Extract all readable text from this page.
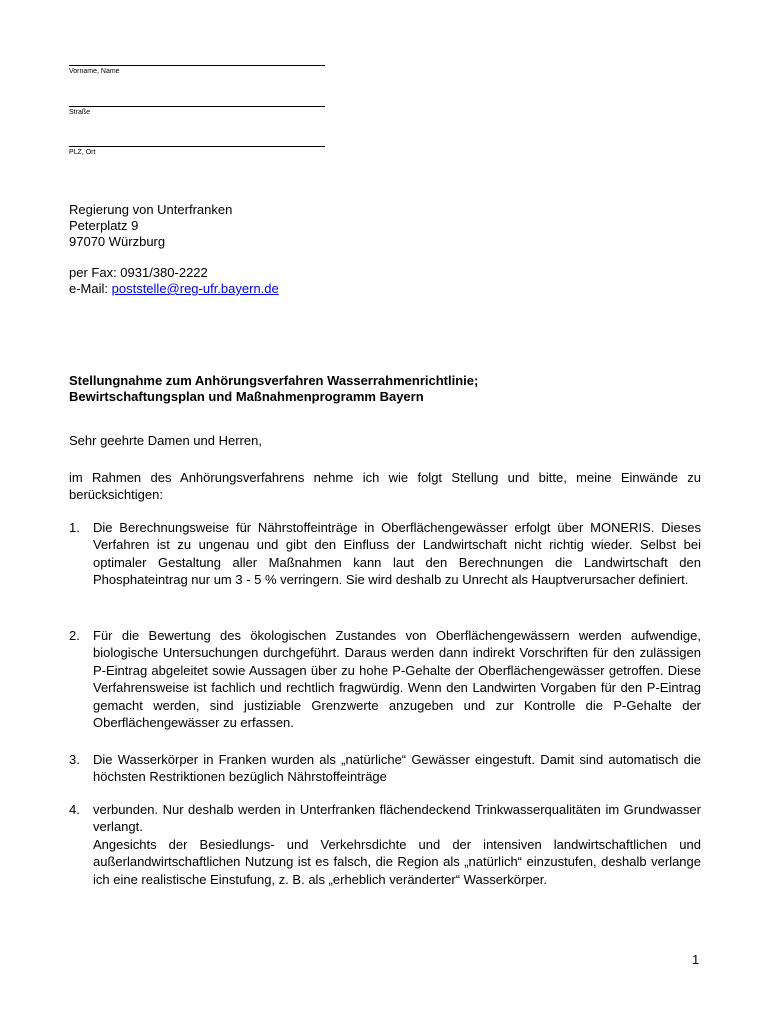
Vorname, Name
Straße
PLZ, Ort
Regierung von Unterfranken
Peterplatz 9
97070 Würzburg
per Fax: 0931/380-2222
e-Mail: poststelle@reg-ufr.bayern.de
Stellungnahme zum Anhörungsverfahren Wasserrahmenrichtlinie;
Bewirtschaftungsplan und Maßnahmenprogramm Bayern
Sehr geehrte Damen und Herren,
im Rahmen des Anhörungsverfahrens nehme ich wie folgt Stellung und bitte, meine Einwände zu berücksichtigen:
1.	Die Berechnungsweise für Nährstoffeinträge in Oberflächengewässer erfolgt über MONERIS. Dieses Verfahren ist zu ungenau und gibt den Einfluss der Landwirtschaft nicht richtig wieder. Selbst bei optimaler Gestaltung aller Maßnahmen kann laut den Berechnungen die Landwirtschaft den Phosphateintrag nur um 3 - 5 % verringern. Sie wird deshalb zu Unrecht als Hauptverursacher definiert.
2.	Für die Bewertung des ökologischen Zustandes von Oberflächengewässern werden aufwendige, biologische Untersuchungen durchgeführt. Daraus werden dann indirekt Vorschriften für den zulässigen P-Eintrag abgeleitet sowie Aussagen über zu hohe P-Gehalte der Oberflächengewässer getroffen. Diese Verfahrensweise ist fachlich und rechtlich fragwürdig. Wenn den Landwirten Vorgaben für den P-Eintrag gemacht werden, sind justiziable Grenzwerte anzugeben und zur Kontrolle die P-Gehalte der Oberflächengewässer zu erfassen.
3.	Die Wasserkörper in Franken wurden als „natürliche“ Gewässer eingestuft. Damit sind automatisch die höchsten Restriktionen bezüglich Nährstoffeinträge
4.	verbunden. Nur deshalb werden in Unterfranken flächendeckend Trinkwasserqualitäten im Grundwasser verlangt.
Angesichts der Besiedlungs- und Verkehrsdichte und der intensiven landwirtschaftlichen und außerlandwirtschaftlichen Nutzung ist es falsch, die Region als „natürlich“ einzustufen, deshalb verlange ich eine realistische Einstufung, z. B. als „erheblich veränderter“ Wasserkörper.
1
